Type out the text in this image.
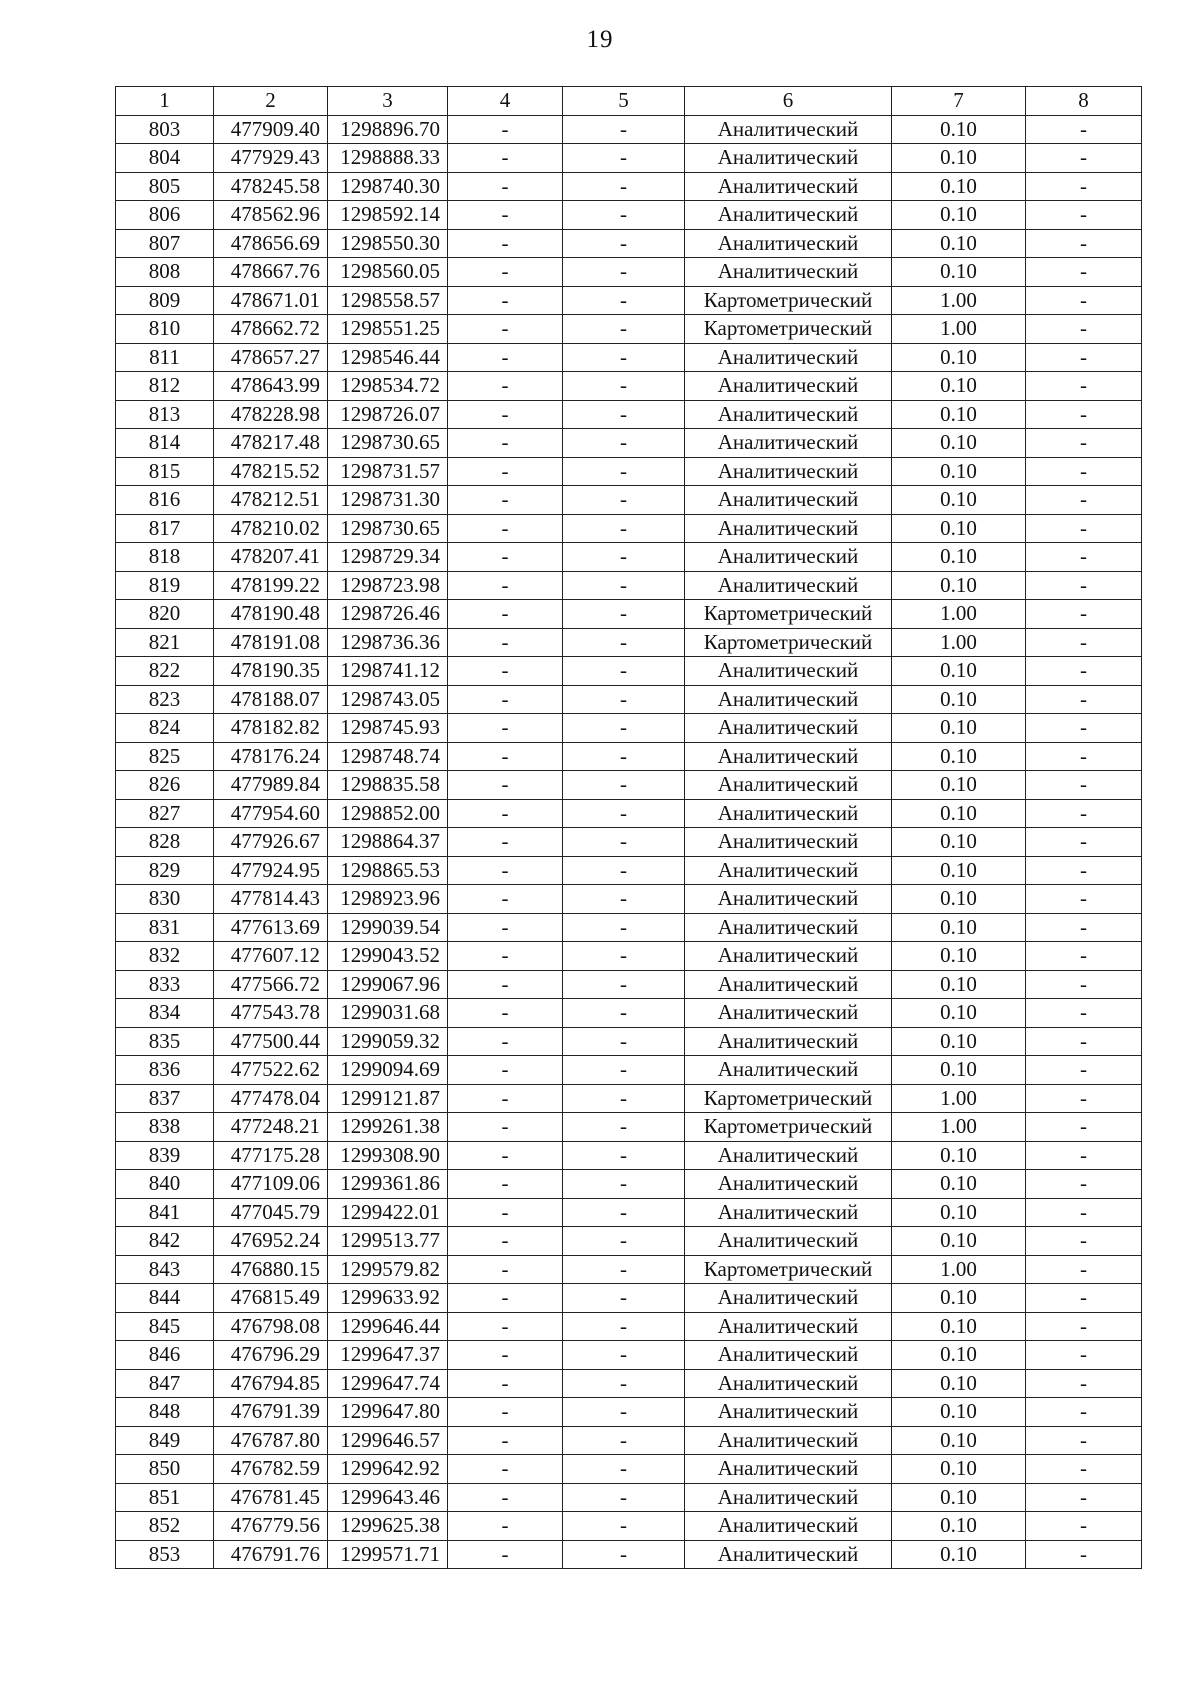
19
1	2	3	4	5	6	7	8
803	477909.40	1298896.70	-	-	Аналитический	0.10	-
804	477929.43	1298888.33	-	-	Аналитический	0.10	-
805	478245.58	1298740.30	-	-	Аналитический	0.10	-
806	478562.96	1298592.14	-	-	Аналитический	0.10	-
807	478656.69	1298550.30	-	-	Аналитический	0.10	-
808	478667.76	1298560.05	-	-	Аналитический	0.10	-
809	478671.01	1298558.57	-	-	Картометрический	1.00	-
810	478662.72	1298551.25	-	-	Картометрический	1.00	-
811	478657.27	1298546.44	-	-	Аналитический	0.10	-
812	478643.99	1298534.72	-	-	Аналитический	0.10	-
813	478228.98	1298726.07	-	-	Аналитический	0.10	-
814	478217.48	1298730.65	-	-	Аналитический	0.10	-
815	478215.52	1298731.57	-	-	Аналитический	0.10	-
816	478212.51	1298731.30	-	-	Аналитический	0.10	-
817	478210.02	1298730.65	-	-	Аналитический	0.10	-
818	478207.41	1298729.34	-	-	Аналитический	0.10	-
819	478199.22	1298723.98	-	-	Аналитический	0.10	-
820	478190.48	1298726.46	-	-	Картометрический	1.00	-
821	478191.08	1298736.36	-	-	Картометрический	1.00	-
822	478190.35	1298741.12	-	-	Аналитический	0.10	-
823	478188.07	1298743.05	-	-	Аналитический	0.10	-
824	478182.82	1298745.93	-	-	Аналитический	0.10	-
825	478176.24	1298748.74	-	-	Аналитический	0.10	-
826	477989.84	1298835.58	-	-	Аналитический	0.10	-
827	477954.60	1298852.00	-	-	Аналитический	0.10	-
828	477926.67	1298864.37	-	-	Аналитический	0.10	-
829	477924.95	1298865.53	-	-	Аналитический	0.10	-
830	477814.43	1298923.96	-	-	Аналитический	0.10	-
831	477613.69	1299039.54	-	-	Аналитический	0.10	-
832	477607.12	1299043.52	-	-	Аналитический	0.10	-
833	477566.72	1299067.96	-	-	Аналитический	0.10	-
834	477543.78	1299031.68	-	-	Аналитический	0.10	-
835	477500.44	1299059.32	-	-	Аналитический	0.10	-
836	477522.62	1299094.69	-	-	Аналитический	0.10	-
837	477478.04	1299121.87	-	-	Картометрический	1.00	-
838	477248.21	1299261.38	-	-	Картометрический	1.00	-
839	477175.28	1299308.90	-	-	Аналитический	0.10	-
840	477109.06	1299361.86	-	-	Аналитический	0.10	-
841	477045.79	1299422.01	-	-	Аналитический	0.10	-
842	476952.24	1299513.77	-	-	Аналитический	0.10	-
843	476880.15	1299579.82	-	-	Картометрический	1.00	-
844	476815.49	1299633.92	-	-	Аналитический	0.10	-
845	476798.08	1299646.44	-	-	Аналитический	0.10	-
846	476796.29	1299647.37	-	-	Аналитический	0.10	-
847	476794.85	1299647.74	-	-	Аналитический	0.10	-
848	476791.39	1299647.80	-	-	Аналитический	0.10	-
849	476787.80	1299646.57	-	-	Аналитический	0.10	-
850	476782.59	1299642.92	-	-	Аналитический	0.10	-
851	476781.45	1299643.46	-	-	Аналитический	0.10	-
852	476779.56	1299625.38	-	-	Аналитический	0.10	-
853	476791.76	1299571.71	-	-	Аналитический	0.10	-
